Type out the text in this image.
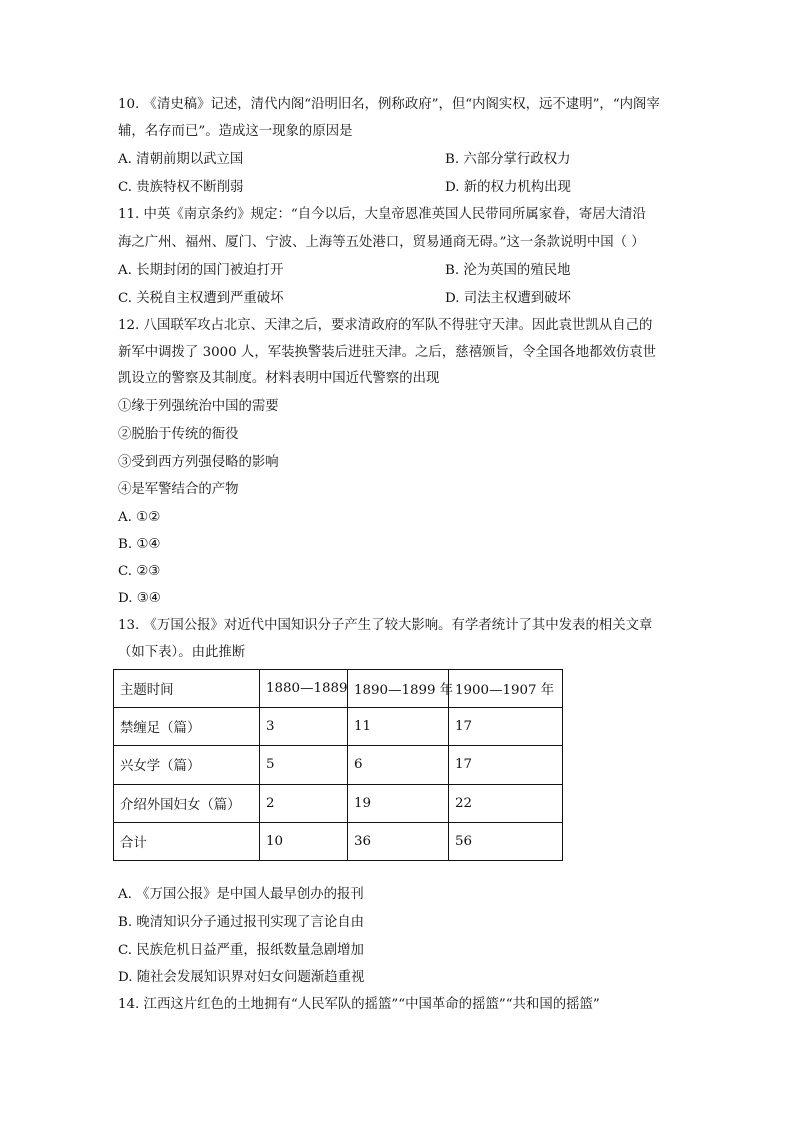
10. 《清史稿》记述，清代内阁“沿明旧名，例称政府”，但“内阁实权，远不逮明”，“内阁宰
辅，名存而已”。造成这一现象的原因是
A. 清朝前期以武立国	B. 六部分掌行政权力
C. 贵族特权不断削弱	D. 新的权力机构出现
11. 中英《南京条约》规定：“自今以后，大皇帝恩准英国人民带同所属家眷，寄居大清沿
海之广州、福州、厦门、宁波、上海等五处港口，贸易通商无碍。”这一条款说明中国（ ）
A. 长期封闭的国门被迫打开	B. 沦为英国的殖民地
C. 关税自主权遭到严重破坏	D. 司法主权遭到破坏
12. 八国联军攻占北京、天津之后，要求清政府的军队不得驻守天津。因此袁世凯从自己的
新军中调拨了 3000 人，军装换警装后进驻天津。之后，慈禧颁旨，令全国各地都效仿袁世
凯设立的警察及其制度。材料表明中国近代警察的出现
①缘于列强统治中国的需要
②脱胎于传统的衙役
③受到西方列强侵略的影响
④是军警结合的产物
A. ①②
B. ①④
C. ②③
D. ③④
13. 《万国公报》对近代中国知识分子产生了较大影响。有学者统计了其中发表的相关文章
（如下表）。由此推断
主题时间	1880—1889	1890—1899 年	1900—1907 年
禁缠足（篇）	3	11	17
兴女学（篇）	5	6	17
介绍外国妇女（篇）	2	19	22
合计	10	36	56
A. 《万国公报》是中国人最早创办的报刊
B. 晚清知识分子通过报刊实现了言论自由
C. 民族危机日益严重，报纸数量急剧增加
D. 随社会发展知识界对妇女问题渐趋重视
14. 江西这片红色的土地拥有“人民军队的摇篮”“中国革命的摇篮”“共和国的摇篮”
